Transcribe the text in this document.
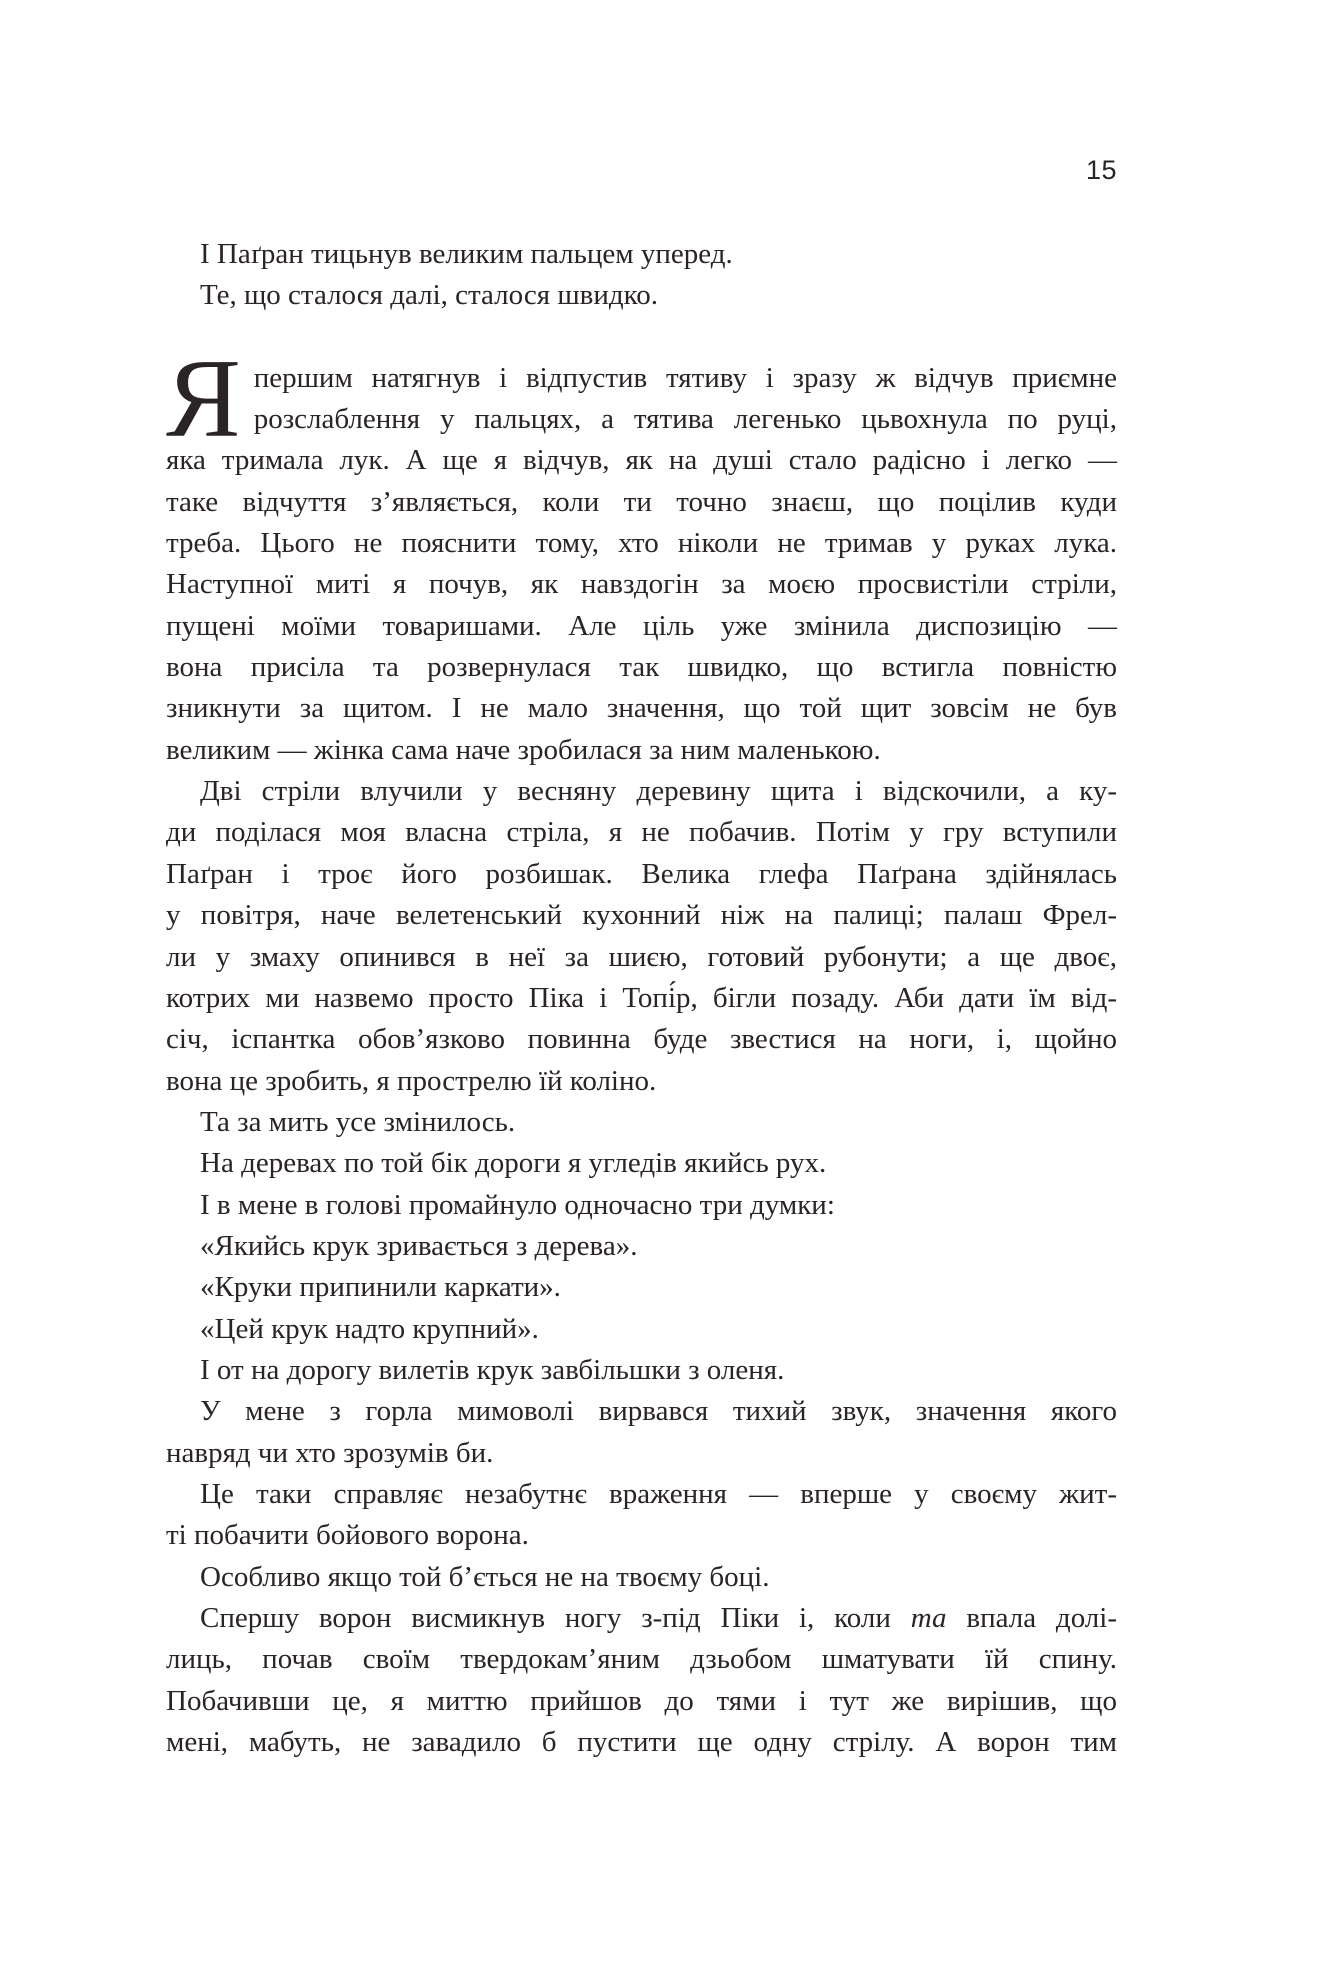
15
І Паґран тицьнув великим пальцем уперед.
Те, що сталося далі, сталося швидко.
Я першим натягнув і відпустив тятиву і зразу ж відчув приємне
розслаблення у пальцях, а тятива легенько цьвохнула по руці,
яка тримала лук. А ще я відчув, як на душі стало радісно і легко —
таке відчуття з’являється, коли ти точно знаєш, що поцілив куди
треба. Цього не пояснити тому, хто ніколи не тримав у руках лука.
Наступної миті я почув, як навздогін за моєю просвистіли стріли,
пущені моїми товаришами. Але ціль уже змінила диспозицію —
вона присіла та розвернулася так швидко, що встигла повністю
зникнути за щитом. І не мало значення, що той щит зовсім не був
великим — жінка сама наче зробилася за ним маленькою.
Дві стріли влучили у весняну деревину щита і відскочили, а ку-
ди поділася моя власна стріла, я не побачив. Потім у гру вступили
Паґран і троє його розбишак. Велика глефа Паґрана здійнялась
у повітря, наче велетенський кухонний ніж на палиці; палаш Фрел-
ли у змаху опинився в неї за шиєю, готовий рубонути; а ще двоє,
котрих ми назвемо просто Піка і Топі́р, бігли позаду. Аби дати їм від-
січ, іспантка обов’язково повинна буде звестися на ноги, і, щойно
вона це зробить, я прострелю їй коліно.
Та за мить усе змінилось.
На деревах по той бік дороги я угледів якийсь рух.
І в мене в голові промайнуло одночасно три думки:
«Якийсь крук зривається з дерева».
«Круки припинили каркати».
«Цей крук надто крупний».
І от на дорогу вилетів крук завбільшки з оленя.
У мене з горла мимоволі вирвався тихий звук, значення якого
навряд чи хто зрозумів би.
Це таки справляє незабутнє враження — вперше у своєму жит-
ті побачити бойового ворона.
Особливо якщо той б’ється не на твоєму боці.
Спершу ворон висмикнув ногу з-під Піки і, коли та впала долі-
лиць, почав своїм твердокам’яним дзьобом шматувати їй спину.
Побачивши це, я миттю прийшов до тями і тут же вирішив, що
мені, мабуть, не завадило б пустити ще одну стрілу. А ворон тим
